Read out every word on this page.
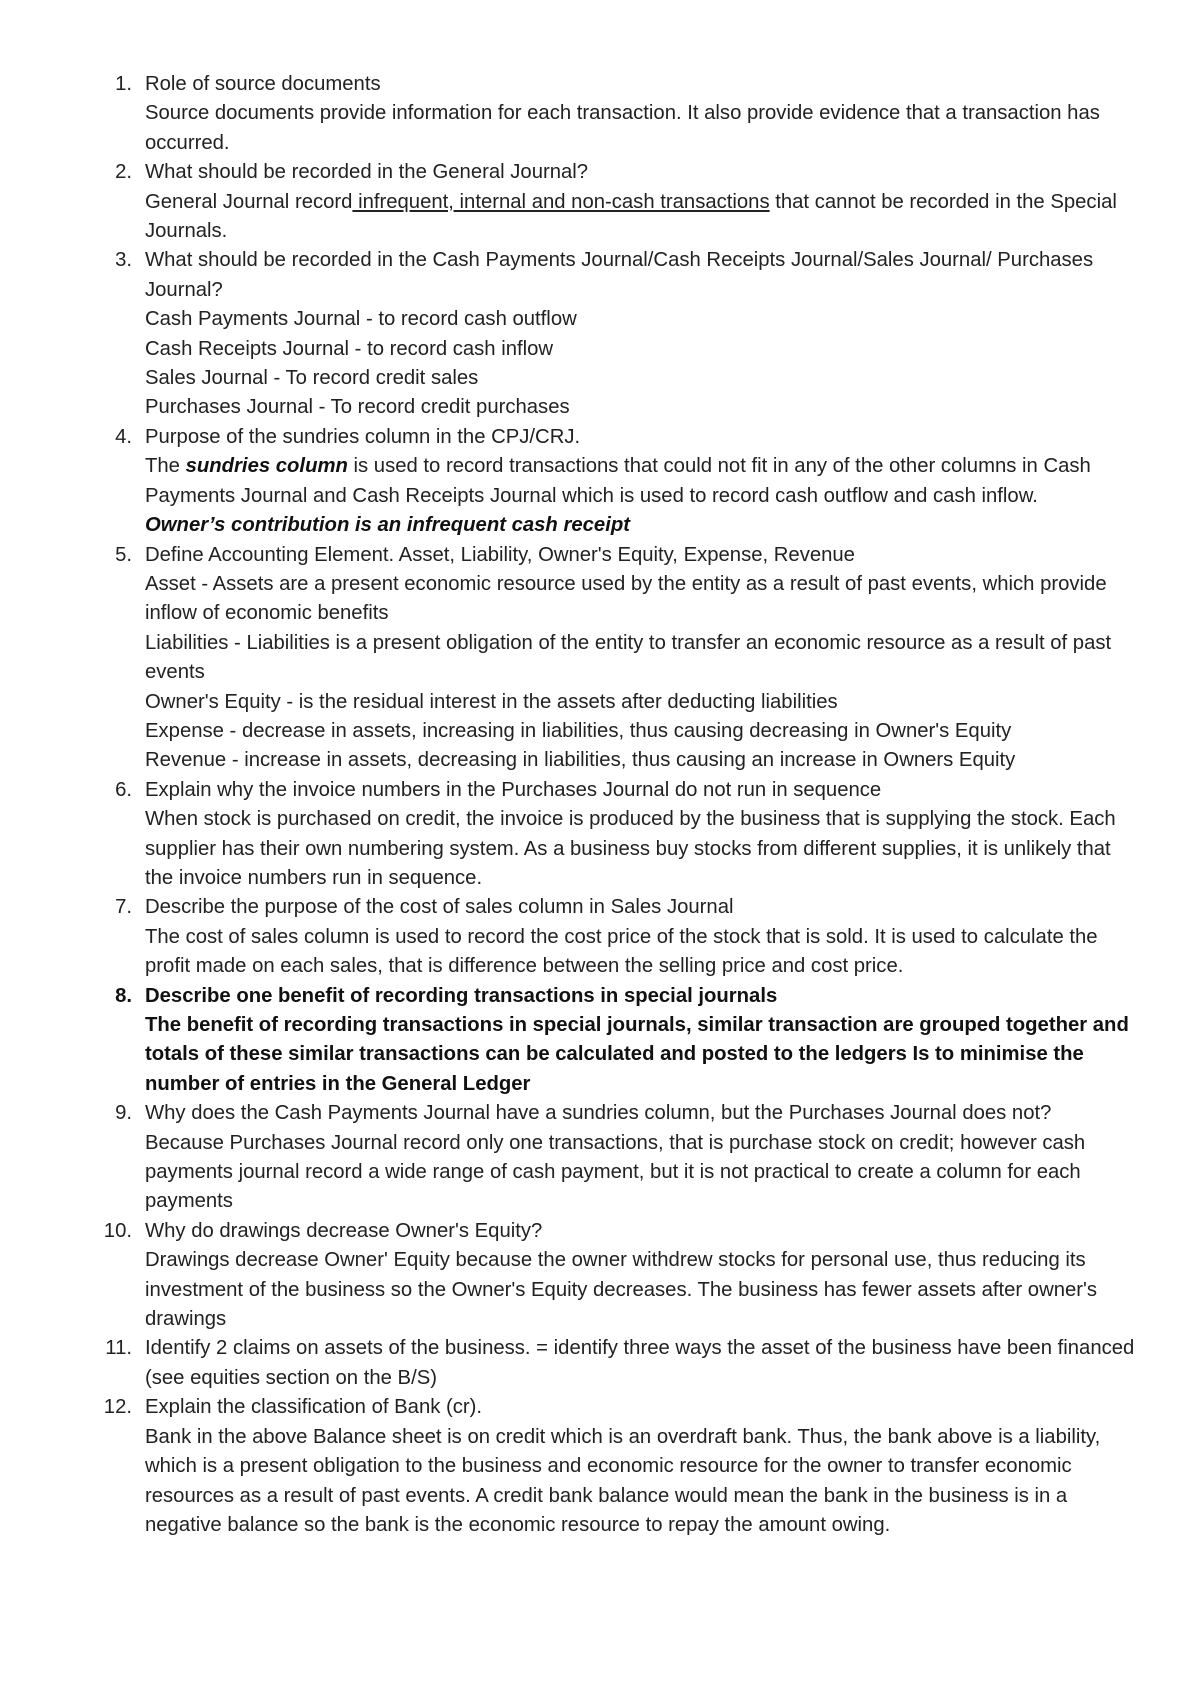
1. Role of source documents
Source documents provide information for each transaction. It also provide evidence that a transaction has occurred.
2. What should be recorded in the General Journal?
General Journal record infrequent, internal and non-cash transactions that cannot be recorded in the Special Journals.
3. What should be recorded in the Cash Payments Journal/Cash Receipts Journal/Sales Journal/ Purchases Journal?
Cash Payments Journal - to record cash outflow
Cash Receipts Journal - to record cash inflow
Sales Journal - To record credit sales
Purchases Journal - To record credit purchases
4. Purpose of the sundries column in the CPJ/CRJ.
The sundries column is used to record transactions that could not fit in any of the other columns in Cash Payments Journal and Cash Receipts Journal which is used to record cash outflow and cash inflow.
Owner’s contribution is an infrequent cash receipt
5. Define Accounting Element. Asset, Liability, Owner's Equity, Expense, Revenue
Asset - Assets are a present economic resource used by the entity as a result of past events, which provide inflow of economic benefits
Liabilities - Liabilities is a present obligation of the entity to transfer an economic resource as a result of past events
Owner's Equity - is the residual interest in the assets after deducting liabilities
Expense - decrease in assets, increasing in liabilities, thus causing decreasing in Owner's Equity
Revenue - increase in assets, decreasing in liabilities, thus causing an increase in Owners Equity
6. Explain why the invoice numbers in the Purchases Journal do not run in sequence
When stock is purchased on credit, the invoice is produced by the business that is supplying the stock. Each supplier has their own numbering system. As a business buy stocks from different supplies, it is unlikely that the invoice numbers run in sequence.
7. Describe the purpose of the cost of sales column in Sales Journal
The cost of sales column is used to record the cost price of the stock that is sold. It is used to calculate the profit made on each sales, that is difference between the selling price and cost price.
8. Describe one benefit of recording transactions in special journals
The benefit of recording transactions in special journals, similar transaction are grouped together and totals of these similar transactions can be calculated and posted to the ledgers Is to minimise the number of entries in the General Ledger
9. Why does the Cash Payments Journal have a sundries column, but the Purchases Journal does not?
Because Purchases Journal record only one transactions, that is purchase stock on credit; however cash payments journal record a wide range of cash payment, but it is not practical to create a column for each payments
10. Why do drawings decrease Owner's Equity?
Drawings decrease Owner' Equity because the owner withdrew stocks for personal use, thus reducing its investment of the business so the Owner's Equity decreases. The business has fewer assets after owner's drawings
11. Identify 2 claims on assets of the business. = identify three ways the asset of the business have been financed (see equities section on the B/S)
12. Explain the classification of Bank (cr).
Bank in the above Balance sheet is on credit which is an overdraft bank. Thus, the bank above is a liability, which is a present obligation to the business and economic resource for the owner to transfer economic resources as a result of past events. A credit bank balance would mean the bank in the business is in a negative balance so the bank is the economic resource to repay the amount owing.
